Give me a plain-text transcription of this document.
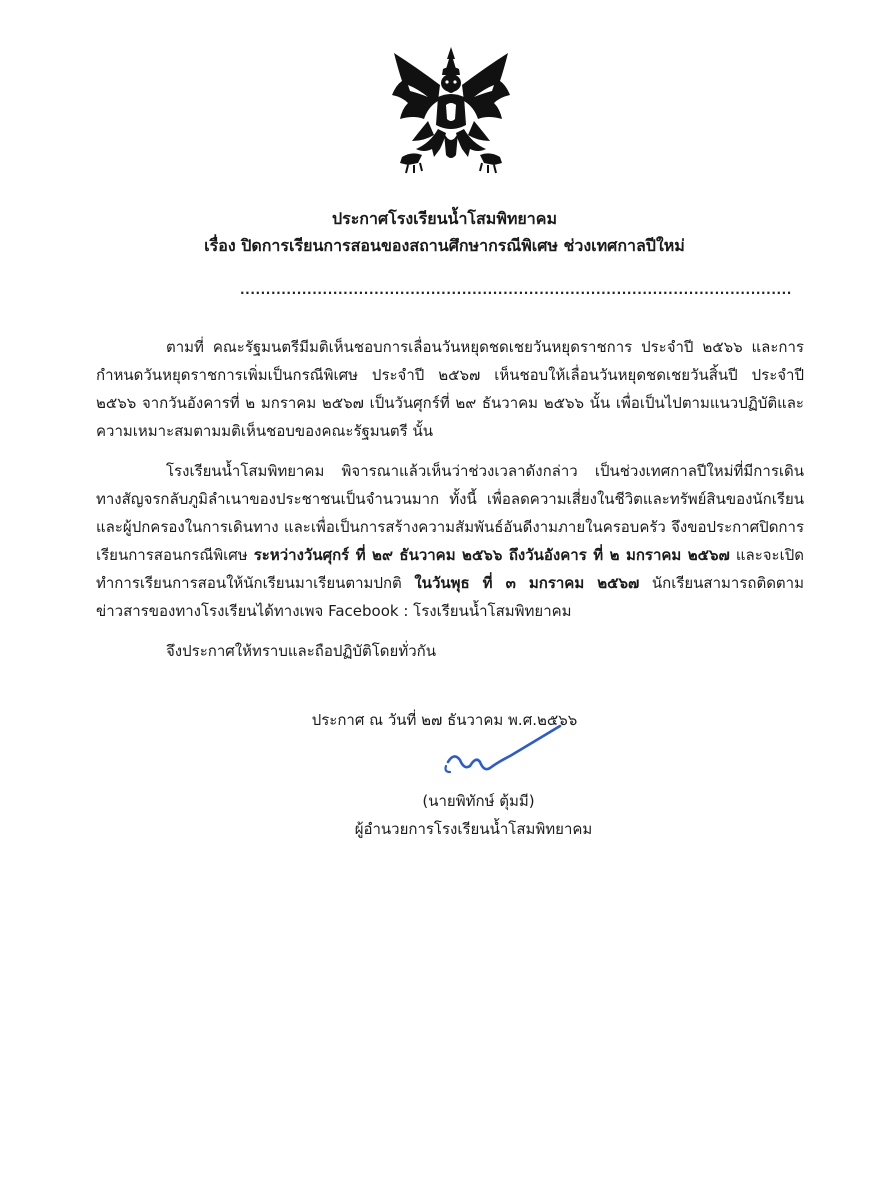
ประกาศโรงเรียนน้ำโสมพิทยาคม

เรื่อง ปิดการเรียนการสอนของสถานศึกษากรณีพิเศษ ช่วงเทศกาลปีใหม่

...........................................................................................................

ตามที่ คณะรัฐมนตรีมีมติเห็นชอบการเลื่อนวันหยุดชดเชยวันหยุดราชการ ประจำปี ๒๕๖๖ และการกำหนดวันหยุดราชการเพิ่มเป็นกรณีพิเศษ ประจำปี ๒๕๖๗ เห็นชอบให้เลื่อนวันหยุดชดเชยวันสิ้นปี ประจำปี ๒๕๖๖ จากวันอังคารที่ ๒ มกราคม ๒๕๖๗ เป็นวันศุกร์ที่ ๒๙ ธันวาคม ๒๕๖๖ นั้น เพื่อเป็นไปตามแนวปฏิบัติและความเหมาะสมตามมติเห็นชอบของคณะรัฐมนตรี นั้น

โรงเรียนน้ำโสมพิทยาคม พิจารณาแล้วเห็นว่าช่วงเวลาดังกล่าว เป็นช่วงเทศกาลปีใหม่ที่มีการเดินทางสัญจรกลับภูมิลำเนาของประชาชนเป็นจำนวนมาก ทั้งนี้ เพื่อลดความเสี่ยงในชีวิตและทรัพย์สินของนักเรียนและผู้ปกครองในการเดินทาง และเพื่อเป็นการสร้างความสัมพันธ์อันดีงามภายในครอบครัว จึงขอประกาศปิดการเรียนการสอนกรณีพิเศษ ระหว่างวันศุกร์ ที่ ๒๙ ธันวาคม ๒๕๖๖ ถึงวันอังคาร ที่ ๒ มกราคม ๒๕๖๗ และจะเปิดทำการเรียนการสอนให้นักเรียนมาเรียนตามปกติ ในวันพุธ ที่ ๓ มกราคม ๒๕๖๗ นักเรียนสามารถติดตามข่าวสารของทางโรงเรียนได้ทางเพจ Facebook : โรงเรียนน้ำโสมพิทยาคม

จึงประกาศให้ทราบและถือปฏิบัติโดยทั่วกัน

ประกาศ ณ วันที่ ๒๗ ธันวาคม พ.ศ.๒๕๖๖
(นายพิทักษ์ ตุ้มมี)
ผู้อำนวยการโรงเรียนน้ำโสมพิทยาคม
